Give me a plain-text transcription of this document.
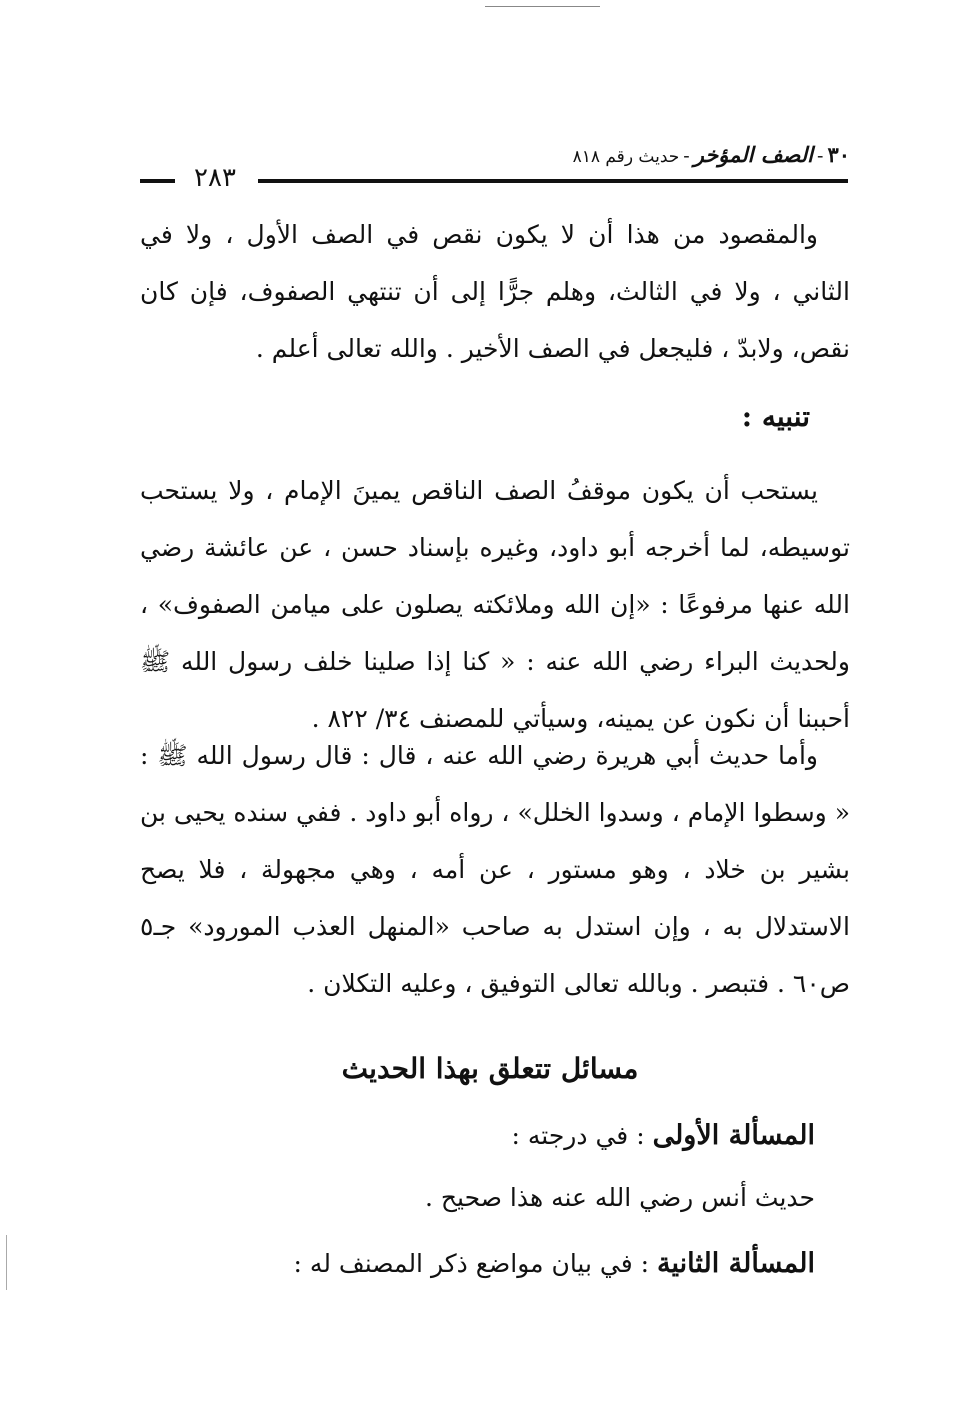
٣٠-الصف المؤخر-حديث رقم ٨١٨
٢٨٣

والمقصود من هذا أن لا يكون نقص في الصف الأول ، ولا في الثاني ، ولا في الثالث، وهلم جرًّا إلى أن تنتهي الصفوف، فإن كان نقص، ولابدّ ، فليجعل في الصف الأخير . والله تعالى أعلم .

تنبيه :

يستحب أن يكون موقفُ الصف الناقص يمينَ الإمام ، ولا يستحب توسيطه، لما أخرجه أبو داود، وغيره بإسناد حسن ، عن عائشة رضي الله عنها مرفوعًا : «إن الله وملائكته يصلون على ميامن الصفوف» ، ولحديث البراء رضي الله عنه : « كنا إذا صلينا خلف رسول الله ﷺ أحببنا أن نكون عن يمينه، وسيأتي للمصنف ٣٤/ ٨٢٢ .

وأما حديث أبي هريرة رضي الله عنه ، قال : قال رسول الله ﷺ : « وسطوا الإمام ، وسدوا الخلل» ، رواه أبو داود . ففي سنده يحيى بن بشير بن خلاد ، وهو مستور ، عن أمه ، وهي مجهولة ، فلا يصح الاستدلال به ، وإن استدل به صاحب «المنهل العذب المورود» جـ٥ ص٦٠ . فتبصر . وبالله تعالى التوفيق ، وعليه التكلان .

مسائل تتعلق بهذا الحديث

المسألة الأولى : في درجته :

حديث أنس رضي الله عنه هذا صحيح .

المسألة الثانية : في بيان مواضع ذكر المصنف له :
